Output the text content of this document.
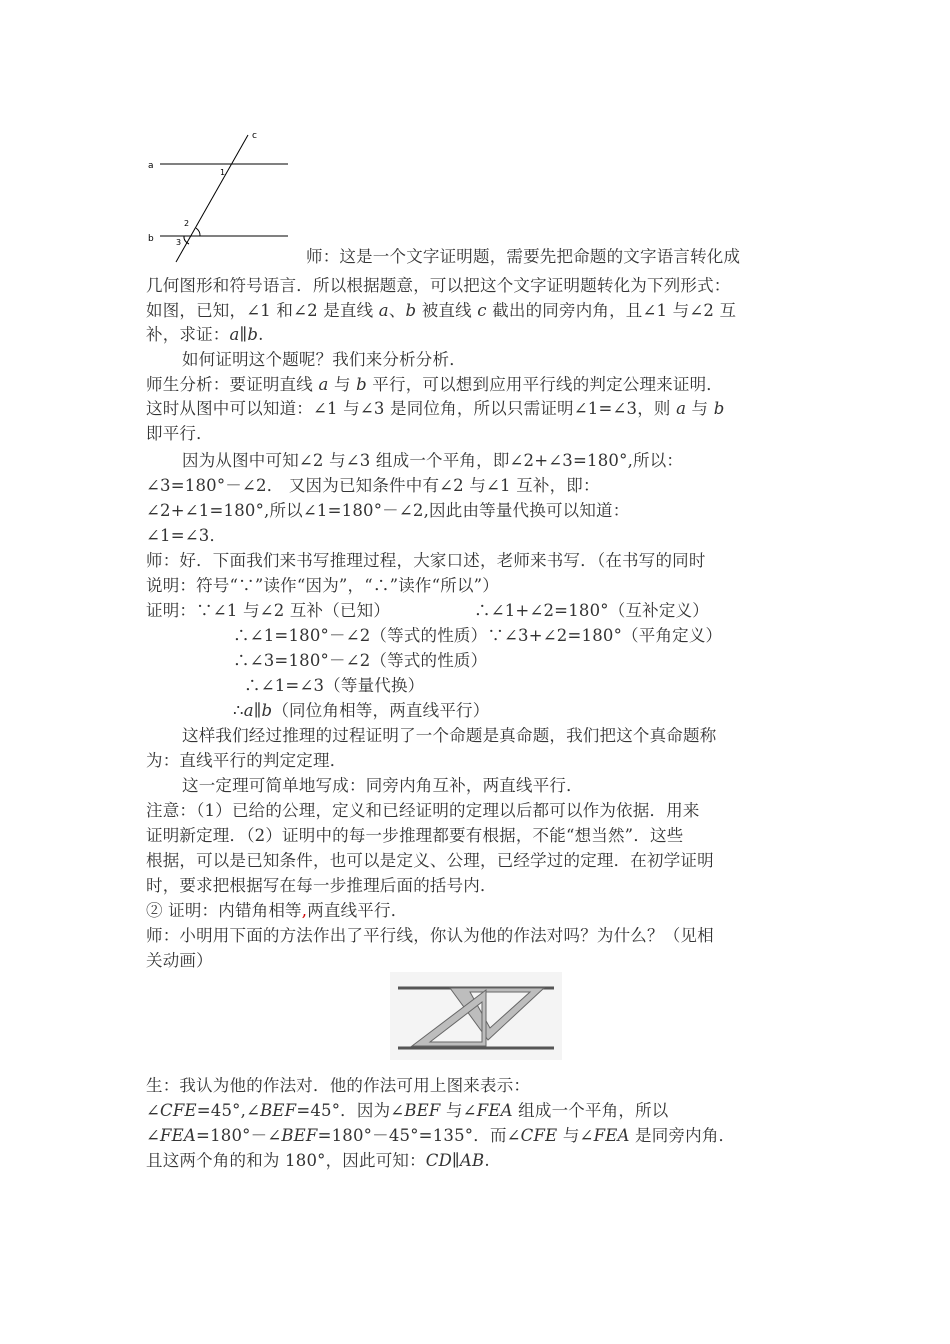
c
a
b
1
2
3
师：这是一个文字证明题，需要先把命题的文字语言转化成
几何图形和符号语言．所以根据题意，可以把这个文字证明题转化为下列形式：
如图，已知，∠1 和∠2 是直线 a、b 被直线 c 截出的同旁内角，且∠1 与∠2 互
补，求证：a∥b.
如何证明这个题呢？我们来分析分析．
师生分析：要证明直线 a 与 b 平行，可以想到应用平行线的判定公理来证明．
这时从图中可以知道：∠1 与∠3 是同位角，所以只需证明∠1=∠3，则 a 与 b
即平行．
因为从图中可知∠2 与∠3 组成一个平角，即∠2+∠3=180°,所以：
∠3=180°－∠2． 又因为已知条件中有∠2 与∠1 互补，即：
∠2+∠1=180°,所以∠1=180°－∠2,因此由等量代换可以知道：
∠1=∠3．
师：好．下面我们来书写推理过程，大家口述，老师来书写．（在书写的同时
说明：符号“∵”读作“因为”，“∴”读作“所以”）
证明：∵∠1 与∠2 互补（已知）	∴∠1+∠2=180°（互补定义）
∴∠1=180°－∠2（等式的性质）∵∠3+∠2=180°（平角定义）
∴∠3=180°－∠2（等式的性质）
∴∠1=∠3（等量代换）
∴a∥b（同位角相等，两直线平行）
这样我们经过推理的过程证明了一个命题是真命题，我们把这个真命题称
为：直线平行的判定定理．
这一定理可简单地写成：同旁内角互补，两直线平行．
注意：（1）已给的公理，定义和已经证明的定理以后都可以作为依据．用来
证明新定理．（2）证明中的每一步推理都要有根据，不能“想当然”．这些
根据，可以是已知条件，也可以是定义、公理，已经学过的定理．在初学证明
时，要求把根据写在每一步推理后面的括号内．
② 证明：内错角相等,两直线平行．
师：小明用下面的方法作出了平行线，你认为他的作法对吗？为什么？（见相
关动画）
生：我认为他的作法对．他的作法可用上图来表示：
∠CFE=45°,∠BEF=45°．因为∠BEF 与∠FEA 组成一个平角，所以
∠FEA=180°－∠BEF=180°－45°=135°．而∠CFE 与∠FEA 是同旁内角．
且这两个角的和为 180°，因此可知：CD∥AB.
